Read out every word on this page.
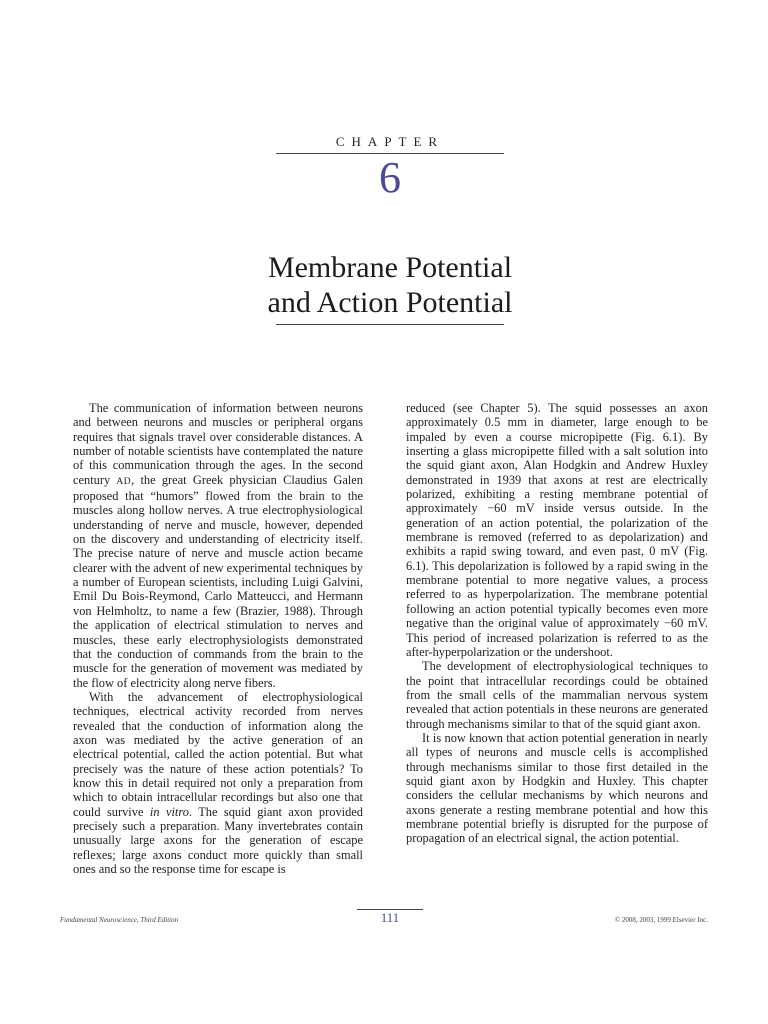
CHAPTER
6
Membrane Potential
and Action Potential

The communication of information between neurons and between neurons and muscles or peripheral organs requires that signals travel over considerable distances. A number of notable scientists have contemplated the nature of this communication through the ages. In the second century AD, the great Greek physician Claudius Galen proposed that “humors” flowed from the brain to the muscles along hollow nerves. A true electrophysiological understanding of nerve and muscle, however, depended on the discovery and understanding of electricity itself. The precise nature of nerve and muscle action became clearer with the advent of new experimental techniques by a number of European scientists, including Luigi Galvini, Emil Du Bois-Reymond, Carlo Matteucci, and Hermann von Helmholtz, to name a few (Brazier, 1988). Through the application of electrical stimulation to nerves and muscles, these early electrophysiologists demonstrated that the conduction of commands from the brain to the muscle for the generation of movement was mediated by the flow of electricity along nerve fibers.

With the advancement of electrophysiological techniques, electrical activity recorded from nerves revealed that the conduction of information along the axon was mediated by the active generation of an electrical potential, called the action potential. But what precisely was the nature of these action potentials? To know this in detail required not only a preparation from which to obtain intracellular recordings but also one that could survive in vitro. The squid giant axon provided precisely such a preparation. Many invertebrates contain unusually large axons for the generation of escape reflexes; large axons conduct more quickly than small ones and so the response time for escape is

reduced (see Chapter 5). The squid possesses an axon approximately 0.5 mm in diameter, large enough to be impaled by even a course micropipette (Fig. 6.1). By inserting a glass micropipette filled with a salt solution into the squid giant axon, Alan Hodgkin and Andrew Huxley demonstrated in 1939 that axons at rest are electrically polarized, exhibiting a resting membrane potential of approximately −60 mV inside versus outside. In the generation of an action potential, the polarization of the membrane is removed (referred to as depolarization) and exhibits a rapid swing toward, and even past, 0 mV (Fig. 6.1). This depolarization is followed by a rapid swing in the membrane potential to more negative values, a process referred to as hyperpolarization. The membrane potential following an action potential typically becomes even more negative than the original value of approximately −60 mV. This period of increased polarization is referred to as the after-hyperpolarization or the undershoot.

The development of electrophysiological techniques to the point that intracellular recordings could be obtained from the small cells of the mammalian nervous system revealed that action potentials in these neurons are generated through mechanisms similar to that of the squid giant axon.

It is now known that action potential generation in nearly all types of neurons and muscle cells is accomplished through mechanisms similar to those first detailed in the squid giant axon by Hodgkin and Huxley. This chapter considers the cellular mechanisms by which neurons and axons generate a resting membrane potential and how this membrane potential briefly is disrupted for the purpose of propagation of an electrical signal, the action potential.

Fundamental Neuroscience, Third Edition	111	© 2008, 2003, 1999 Elsevier Inc.
